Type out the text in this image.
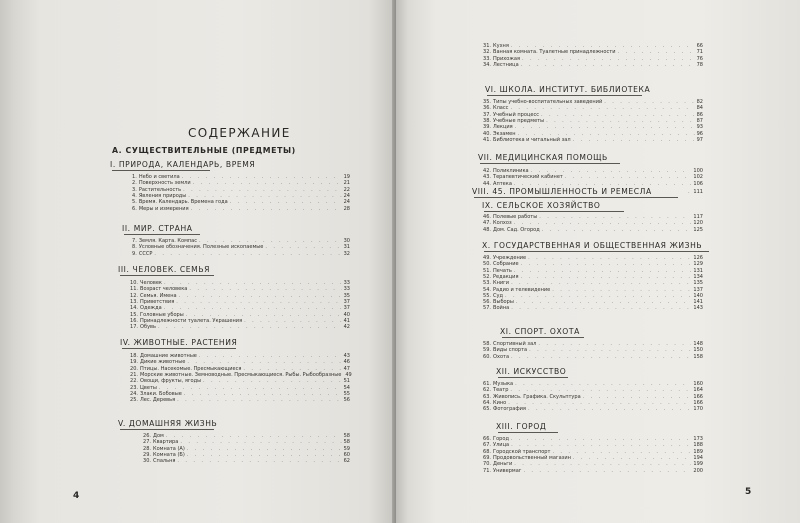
СОДЕРЖАНИЕ
А. СУЩЕСТВИТЕЛЬНЫЕ (ПРЕДМЕТЫ)
4
I. ПРИРОДА, КАЛЕНДАРЬ, ВРЕМЯ
1. Небо и светила . . .	19
2. Поверхность земли . . .	21
3. Растительность . . .	22
4. Явления природы . . .	24
5. Время. Календарь. Времена года . . .	24
6. Меры и измерения . . .	28
II. МИР. СТРАНА
7. Земля. Карта. Компас . . .	30
8. Условные обозначения. Полезные ископаемые . . .	31
9. СССР . . .	32
III. ЧЕЛОВЕК. СЕМЬЯ
10. Человек . . .	33
11. Возраст человека . . .	33
12. Семья. Имена . . .	35
13. Приветствия . . .	37
14. Одежда . . .	37
15. Головные уборы . . .	40
16. Принадлежности туалета. Украшения . . .	41
17. Обувь . . .	42
IV. ЖИВОТНЫЕ. РАСТЕНИЯ
18. Домашние животные . . .	43
19. Дикие животные . . .	46
20. Птицы. Насекомые. Пресмыкающиеся . . .	47
21. Морские животные. Земноводные. Пресмыкающиеся. Рыбы. Рыбообразные 49
22. Овощи, фрукты, ягоды . . .	51
23. Цветы . . .	54
24. Злаки. Бобовые . . .	55
25. Лес. Деревья . . .	56
V. ДОМАШНЯЯ ЖИЗНЬ
26. Дом . . .	58
27. Квартира . . .	58
28. Комната (А) . . .	59
29. Комната (Б) . . .	60
30. Спальня . . .	62
5
31. Кухня . . .	66
32. Ванная комната. Туалетные принадлежности . . .	71
33. Прихожая . . .	76
34. Лестница . . .	78
VI. ШКОЛА. ИНСТИТУТ. БИБЛИОТЕКА
35. Типы учебно-воспитательных заведений . . .	82
36. Класс . . .	84
37. Учебный процесс . . .	86
38. Учебные предметы . . .	87
39. Лекция . . .	93
40. Экзамен . . .	96
41. Библиотека и читальный зал . . .	97
VII. МЕДИЦИНСКАЯ ПОМОЩЬ
42. Поликлиника . . .	100
43. Терапевтический кабинет . . .	102
44. Аптека . . .	106
VIII. 45. ПРОМЫШЛЕННОСТЬ И РЕМЕСЛА . . .	111
IX. СЕЛЬСКОЕ ХОЗЯЙСТВО
46. Полевые работы . . .	117
47. Колхоз . . .	120
48. Дом. Сад. Огород . . .	125
X. ГОСУДАРСТВЕННАЯ И ОБЩЕСТВЕННАЯ ЖИЗНЬ
49. Учреждение . . .	126
50. Собрание . . .	129
51. Печать . . .	131
52. Редакция . . .	134
53. Книги . . .	135
54. Радио и телевидение . . .	137
55. Суд . . .	140
56. Выборы . . .	141
57. Война . . .	143
XI. СПОРТ. ОХОТА
58. Спортивный зал . . .	148
59. Виды спорта . . .	150
60. Охота . . .	158
XII. ИСКУССТВО
61. Музыка . . .	160
62. Театр . . .	164
63. Живопись. Графика. Скульптура . . .	166
64. Кино . . .	166
65. Фотография . . .	170
XIII. ГОРОД
66. Город . . .	173
67. Улица . . .	188
68. Городской транспорт . . .	189
69. Продовольственный магазин . . .	194
70. Деньги . . .	199
71. Универмаг . . .	200
